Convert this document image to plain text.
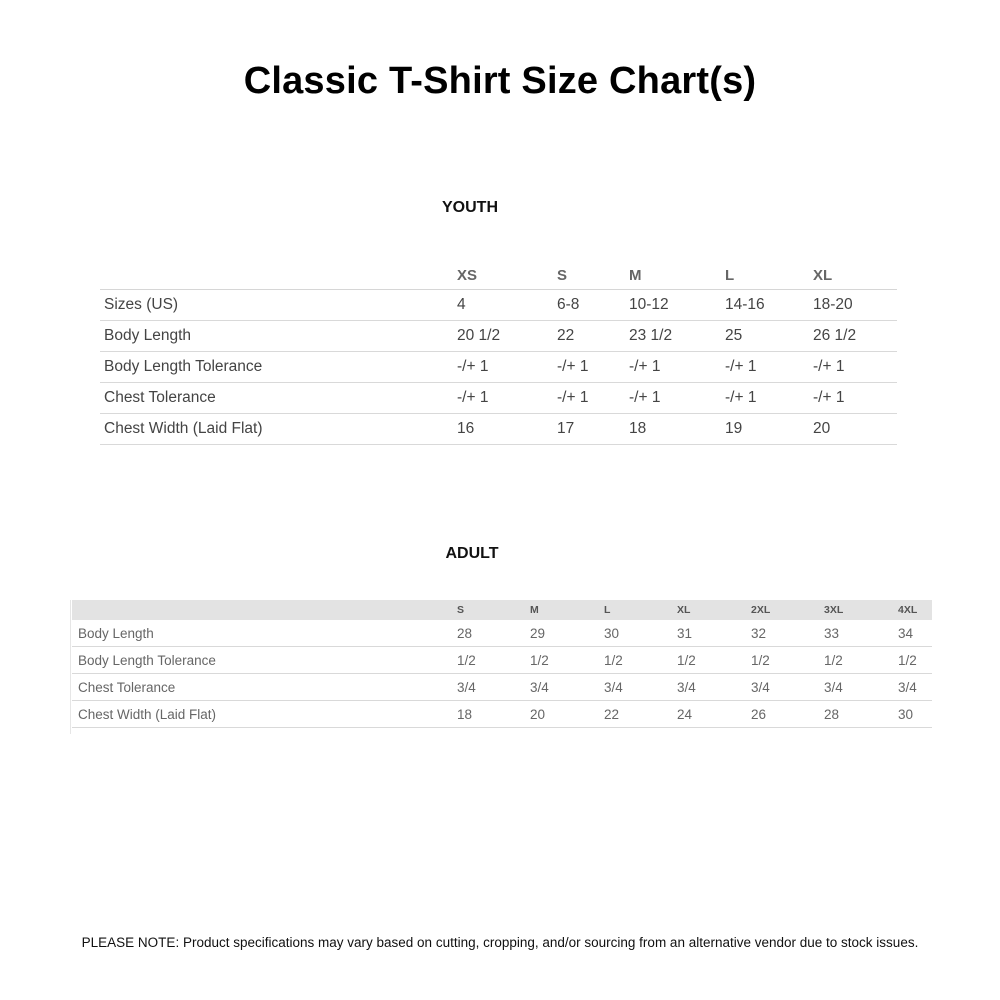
Classic T-Shirt Size Chart(s)
YOUTH
	XS	S	M	L	XL
Sizes (US)	4	6-8	10-12	14-16	18-20
Body Length	20 1/2	22	23 1/2	25	26 1/2
Body Length Tolerance	-/+ 1	-/+ 1	-/+ 1	-/+ 1	-/+ 1
Chest Tolerance	-/+ 1	-/+ 1	-/+ 1	-/+ 1	-/+ 1
Chest Width (Laid Flat)	16	17	18	19	20
ADULT
	S	M	L	XL	2XL	3XL	4XL
Body Length	28	29	30	31	32	33	34
Body Length Tolerance	1/2	1/2	1/2	1/2	1/2	1/2	1/2
Chest Tolerance	3/4	3/4	3/4	3/4	3/4	3/4	3/4
Chest Width (Laid Flat)	18	20	22	24	26	28	30

PLEASE NOTE: Product specifications may vary based on cutting, cropping, and/or sourcing from an alternative vendor due to stock issues.
